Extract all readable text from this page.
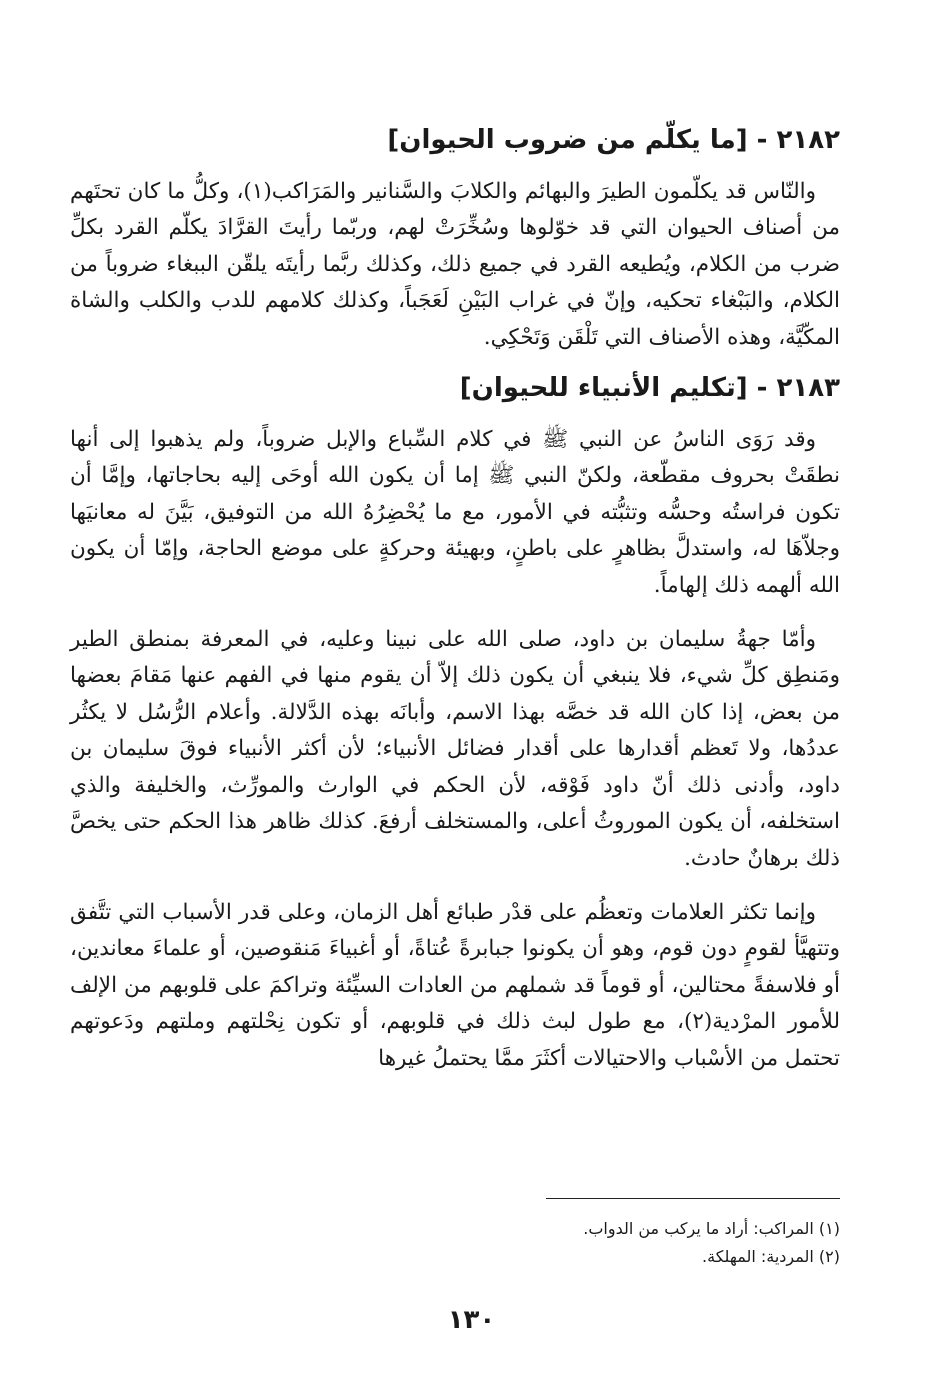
٢١٨٢ - [ما يكلّم من ضروب الحيوان]

والنّاس قد يكلّمون الطيرَ والبهائم والكلابَ والسَّنانير والمَرَاكب(١)، وكلُّ ما كان تحتَهم من أصناف الحيوان التي قد خوّلوها وسُخِّرَتْ لهم، وربّما رأيتَ القرَّادَ يكلّم القرد بكلِّ ضرب من الكلام، ويُطيعه القرد في جميع ذلك، وكذلك ربَّما رأيتَه يلقّن الببغاء ضروباً من الكلام، والبَبْغاء تحكيه، وإنّ في غراب البَيْنِ لَعَجَباً، وكذلك كلامهم للدب والكلب والشاة المكّيَّة، وهذه الأصناف التي تَلْقَن وَتَحْكِي.

٢١٨٣ - [تكليم الأنبياء للحيوان]

وقد رَوَى الناسُ عن النبي ﷺ في كلام السِّباع والإبل ضروباً، ولم يذهبوا إلى أنها نطقَتْ بحروف مقطّعة، ولكنّ النبي ﷺ إما أن يكون الله أوحَى إليه بحاجاتها، وإمَّا أن تكون فراستُه وحسُّه وتثبُّته في الأمور، مع ما يُحْضِرُهُ الله من التوفيق، بَيَّنَ له معانيَها وجلاّهَا له، واستدلَّ بظاهرٍ على باطنٍ، وبهيئة وحركةٍ على موضع الحاجة، وإمّا أن يكون الله ألهمه ذلك إلهاماً.

وأمّا جهةُ سليمان بن داود، صلى الله على نبينا وعليه، في المعرفة بمنطق الطير ومَنطِق كلِّ شيء، فلا ينبغي أن يكون ذلك إلاّ أن يقوم منها في الفهم عنها مَقامَ بعضها من بعض، إذا كان الله قد خصَّه بهذا الاسم، وأبانَه بهذه الدَّلالة. وأعلام الرُّسُل لا يكثُر عددُها، ولا تَعظم أقدارها على أقدار فضائل الأنبياء؛ لأن أكثر الأنبياء فوقَ سليمان بن داود، وأدنى ذلك أنّ داود فَوْقه، لأن الحكم في الوارث والمورِّث، والخليفة والذي استخلفه، أن يكون الموروثُ أعلى، والمستخلف أرفعَ. كذلك ظاهر هذا الحكم حتى يخصَّ ذلك برهانٌ حادث.

وإنما تكثر العلامات وتعظُم على قدْر طبائع أهل الزمان، وعلى قدر الأسباب التي تتَّفق وتتهيَّأ لقومٍ دون قوم، وهو أن يكونوا جبابرةً عُتاةً، أو أغبياءَ مَنقوصين، أو علماءَ معاندين، أو فلاسفةً محتالين، أو قوماً قد شملهم من العادات السيِّئة وتراكمَ على قلوبهم من الإلف للأمور المرْدية(٢)، مع طول لبث ذلك في قلوبهم، أو تكون نِحْلتهم وملتهم ودَعوتهم تحتمل من الأسْباب والاحتيالات أكثَرَ ممَّا يحتملُ غيرها

(١) المراكب: أراد ما يركب من الدواب.

(٢) المردية: المهلكة.

١٣٠
